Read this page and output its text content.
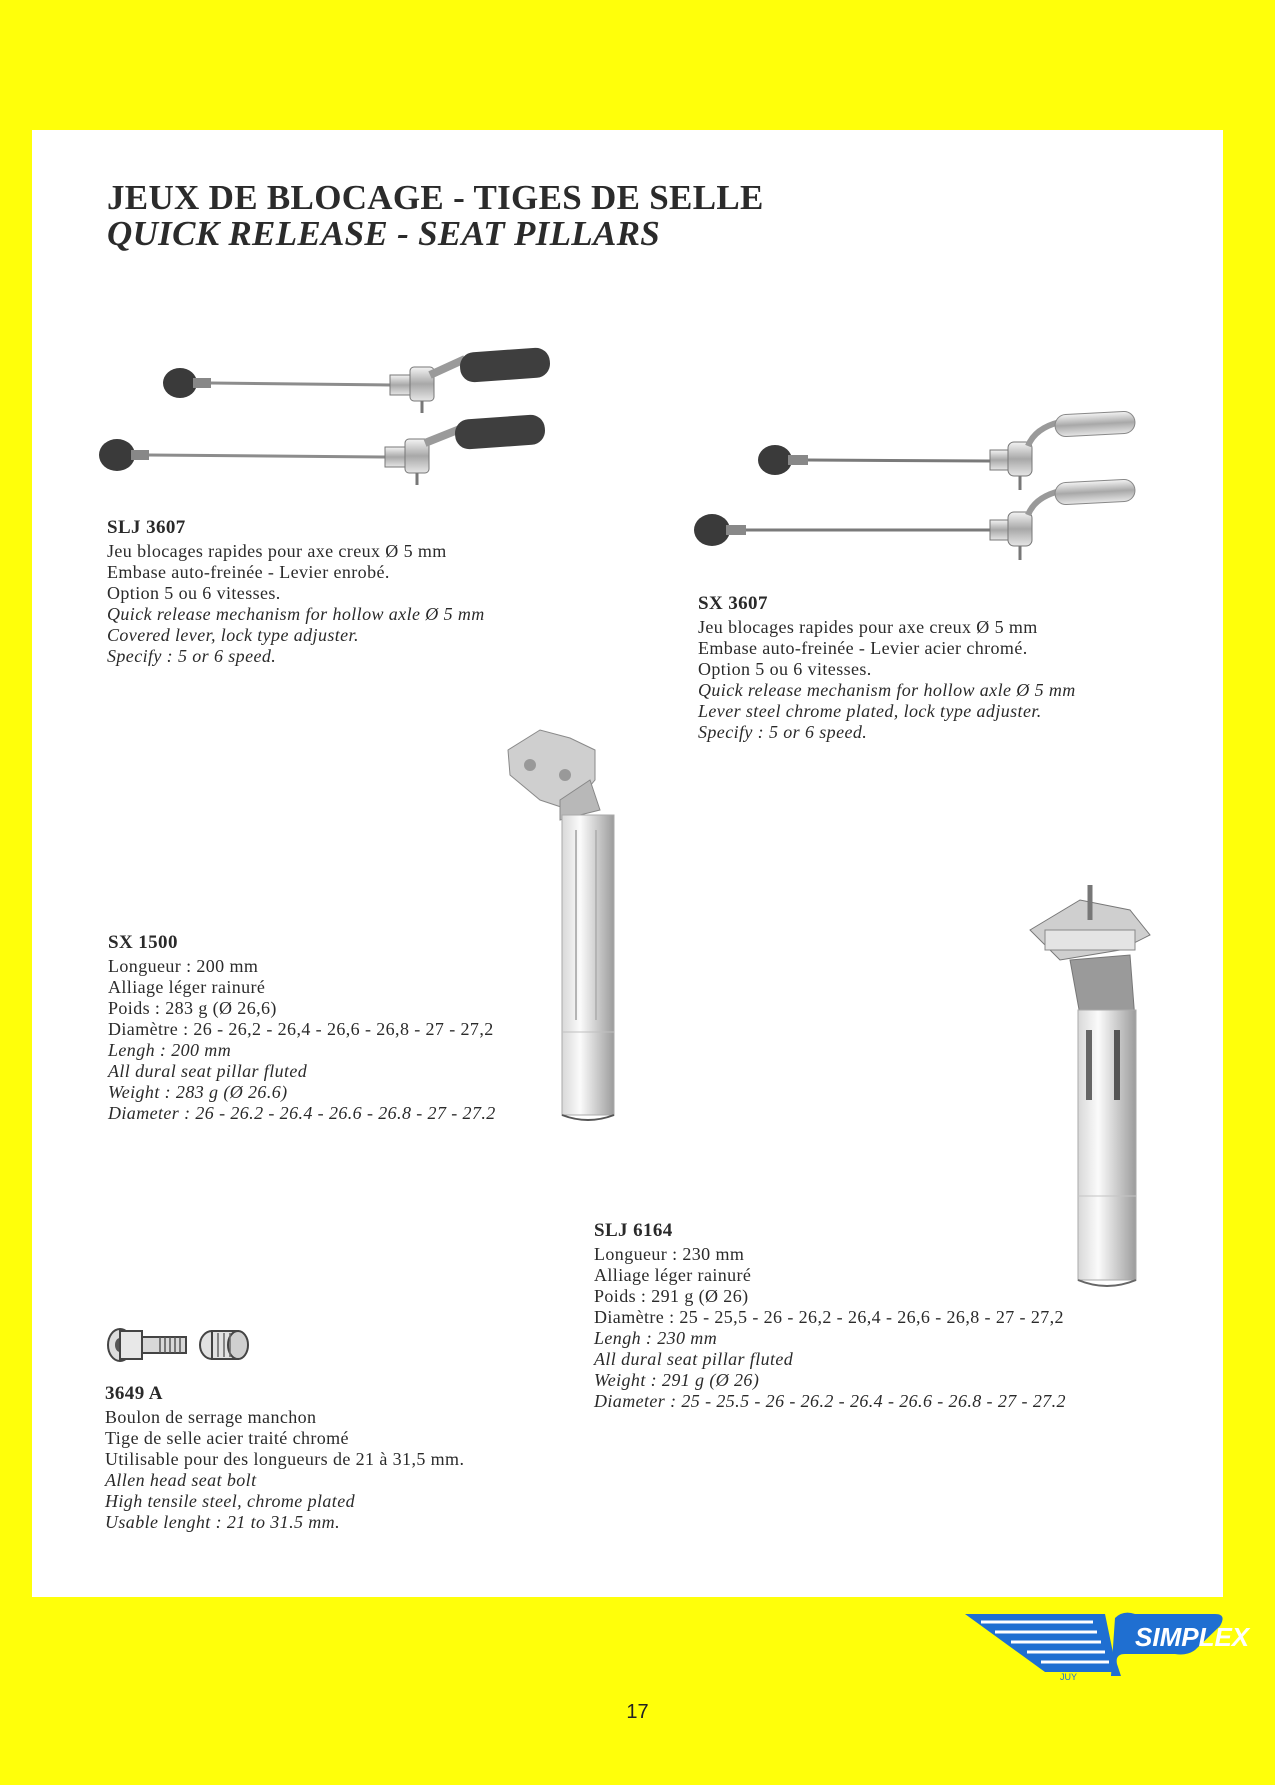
JEUX DE BLOCAGE - TIGES DE SELLE
QUICK RELEASE - SEAT PILLARS
SLJ 3607
Jeu blocages rapides pour axe creux Ø 5 mm
Embase auto-freinée - Levier enrobé.
Option 5 ou 6 vitesses.
Quick release mechanism for hollow axle Ø 5 mm
Covered lever, lock type adjuster.
Specify : 5 or 6 speed.
SX 3607
Jeu blocages rapides pour axe creux Ø 5 mm
Embase auto-freinée - Levier acier chromé.
Option 5 ou 6 vitesses.
Quick release mechanism for hollow axle Ø 5 mm
Lever steel chrome plated, lock type adjuster.
Specify : 5 or 6 speed.
SX 1500
Longueur : 200 mm
Alliage léger rainuré
Poids : 283 g (Ø 26,6)
Diamètre : 26 - 26,2 - 26,4 - 26,6 - 26,8 - 27 - 27,2
Lengh : 200 mm
All dural seat pillar fluted
Weight : 283 g (Ø 26.6)
Diameter : 26 - 26.2 - 26.4 - 26.6 - 26.8 - 27 - 27.2
SLJ 6164
Longueur : 230 mm
Alliage léger rainuré
Poids : 291 g (Ø 26)
Diamètre : 25 - 25,5 - 26 - 26,2 - 26,4 - 26,6 - 26,8 - 27 - 27,2
Lengh : 230 mm
All dural seat pillar fluted
Weight : 291 g (Ø 26)
Diameter : 25 - 25.5 - 26 - 26.2 - 26.4 - 26.6 - 26.8 - 27 - 27.2
3649 A
Boulon de serrage manchon
Tige de selle acier traité chromé
Utilisable pour des longueurs de 21 à 31,5 mm.
Allen head seat bolt
High tensile steel, chrome plated
Usable lenght : 21 to 31.5 mm.
SIMPLEX
JUY
17
